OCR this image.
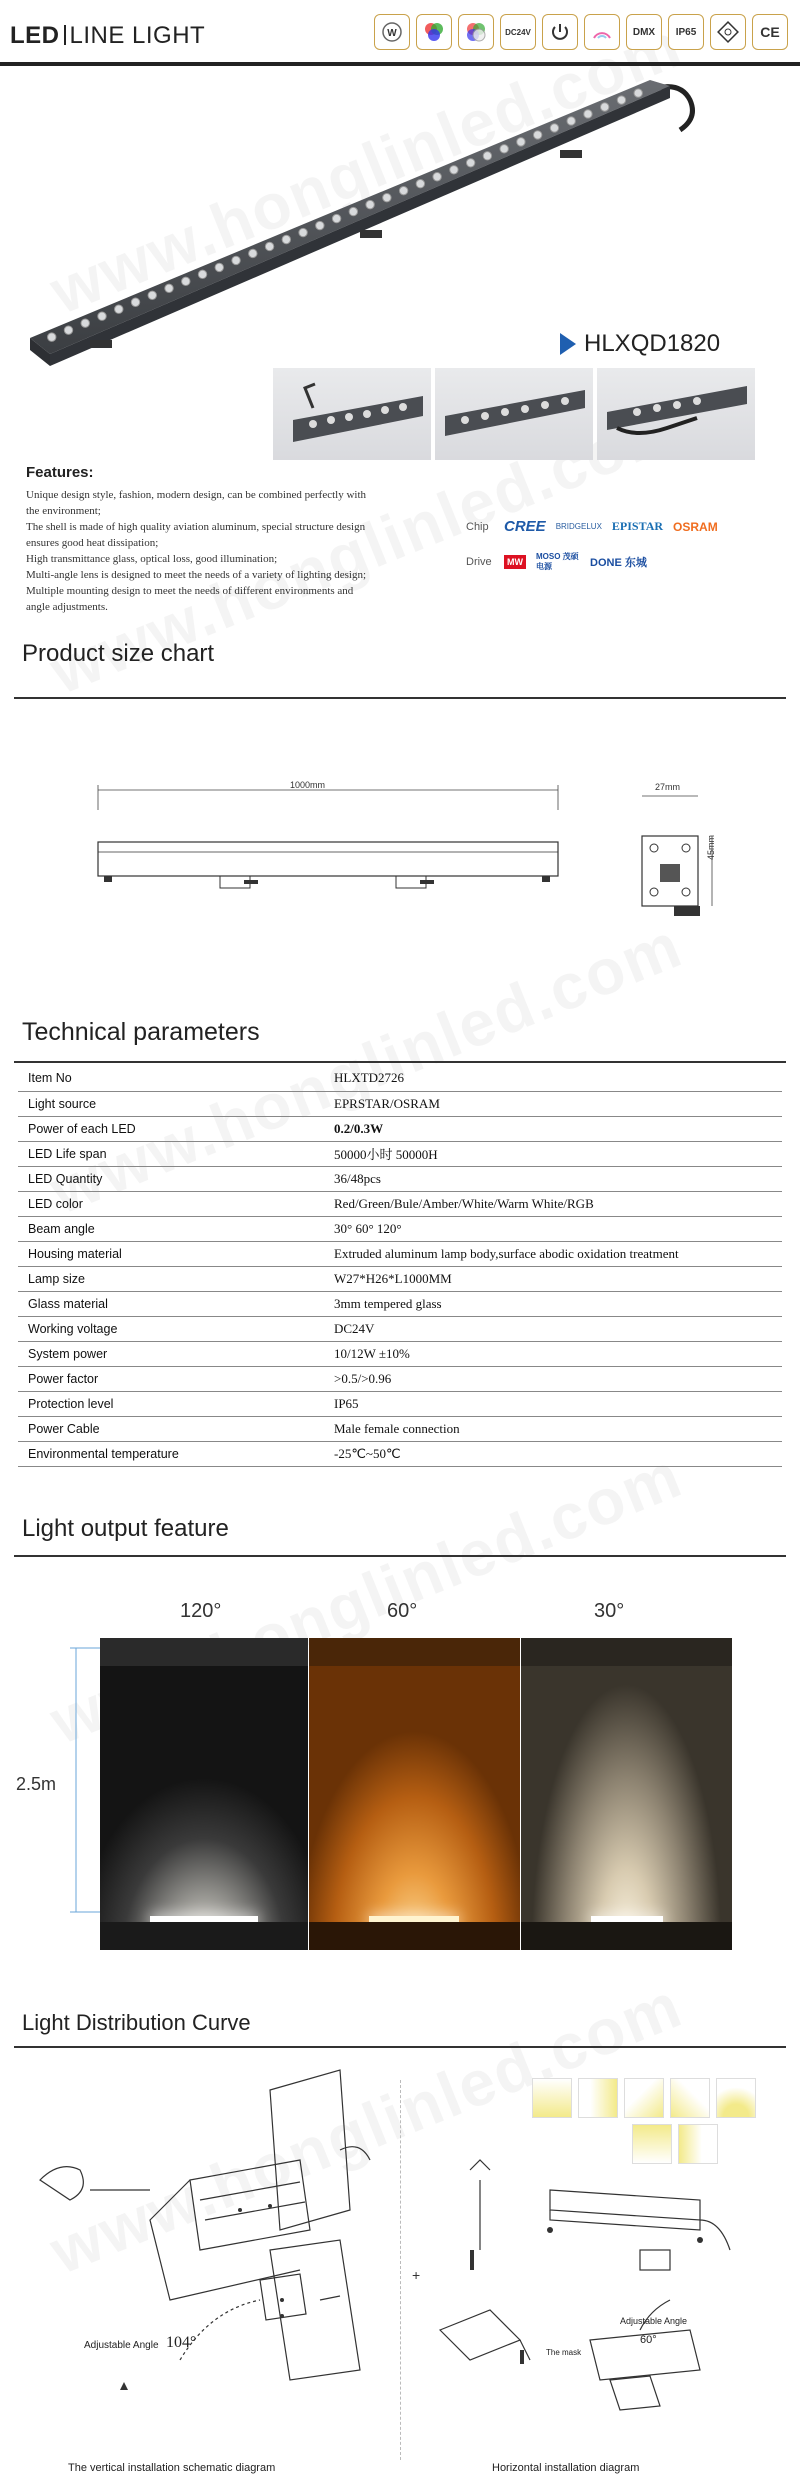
LED LINE LIGHT	W	DC24V	DMX	IP65	CE
HLXQD1820
Features:
Unique design style, fashion, modern design, can be combined perfectly with
the environment;
The shell is made of high quality aviation aluminum, special structure design
ensures good heat dissipation;
High transmittance glass, optical loss, good illumination;
Multi-angle lens is designed to meet the needs of a variety of lighting design;
Multiple mounting design to meet the needs of different environments and
angle adjustments.
Chip	CREE BRIDGELUX EPISTAR OSRAM
Drive	MW
MOSO 茂硕电源	DONE 东城
Product size chart
1000mm	27mm
45mm
Technical parameters
Item No	HLXTD2726
Light source	EPRSTAR/OSRAM
Power of each LED	0.2/0.3W
LED Life span	50000小时 50000H
LED Quantity	36/48pcs
LED color	Red/Green/Bule/Amber/White/Warm White/RGB
Beam angle	30° 60° 120°
Housing material	Extruded aluminum lamp body,surface abodic oxidation treatment
Lamp size	W27*H26*L1000MM
Glass material	3mm tempered glass
Working voltage	DC24V
System power	10/12W ±10%
Power factor	>0.5/>0.96
Protection level	IP65
Power Cable	Male female connection
Environmental temperature	-25℃~50℃
Light output feature
120°	60°	30°
2.5m
Light Distribution Curve
Adjustable Angle 104°
+
Adjustable Angle
60°
The mask
The vertical installation schematic diagram	Horizontal installation diagram
